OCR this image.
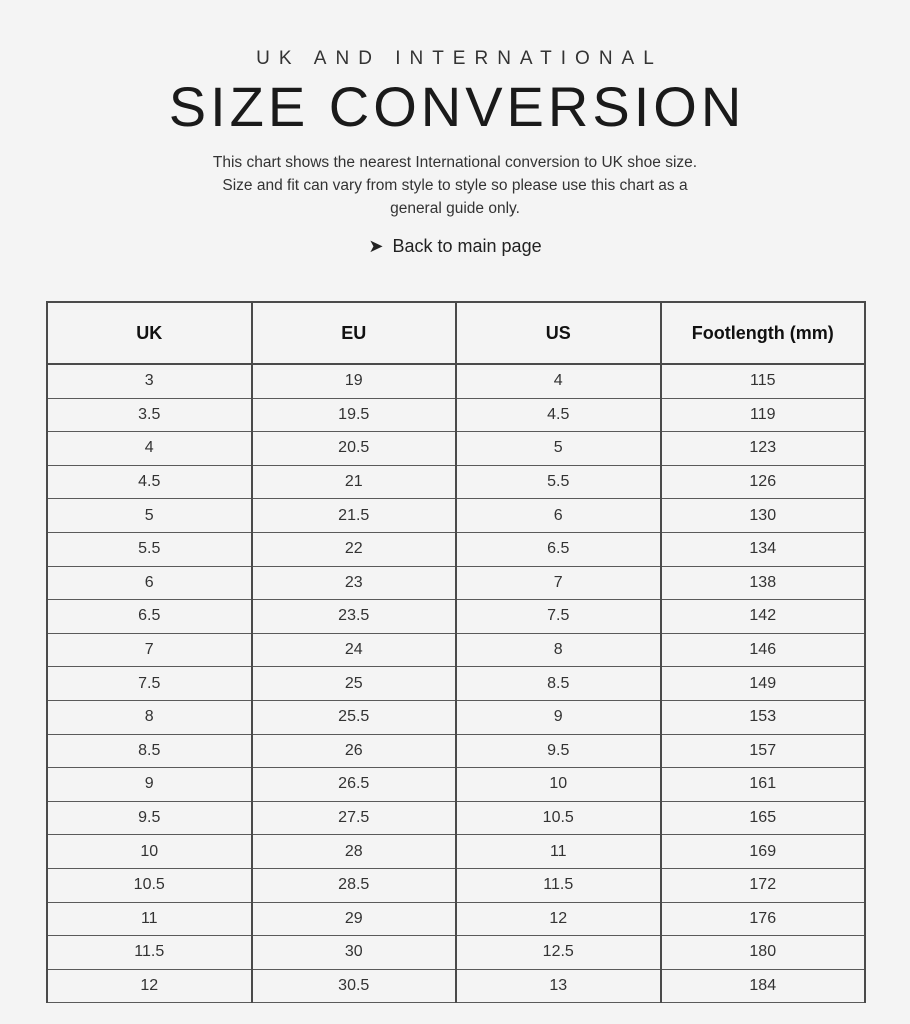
UK AND INTERNATIONAL
SIZE CONVERSION
This chart shows the nearest International conversion to UK shoe size.
Size and fit can vary from style to style so please use this chart as a
general guide only.
➤ Back to main page
UK	EU	US	Footlength (mm)
3	19	4	115
3.5	19.5	4.5	119
4	20.5	5	123
4.5	21	5.5	126
5	21.5	6	130
5.5	22	6.5	134
6	23	7	138
6.5	23.5	7.5	142
7	24	8	146
7.5	25	8.5	149
8	25.5	9	153
8.5	26	9.5	157
9	26.5	10	161
9.5	27.5	10.5	165
10	28	11	169
10.5	28.5	11.5	172
11	29	12	176
11.5	30	12.5	180
12	30.5	13	184
